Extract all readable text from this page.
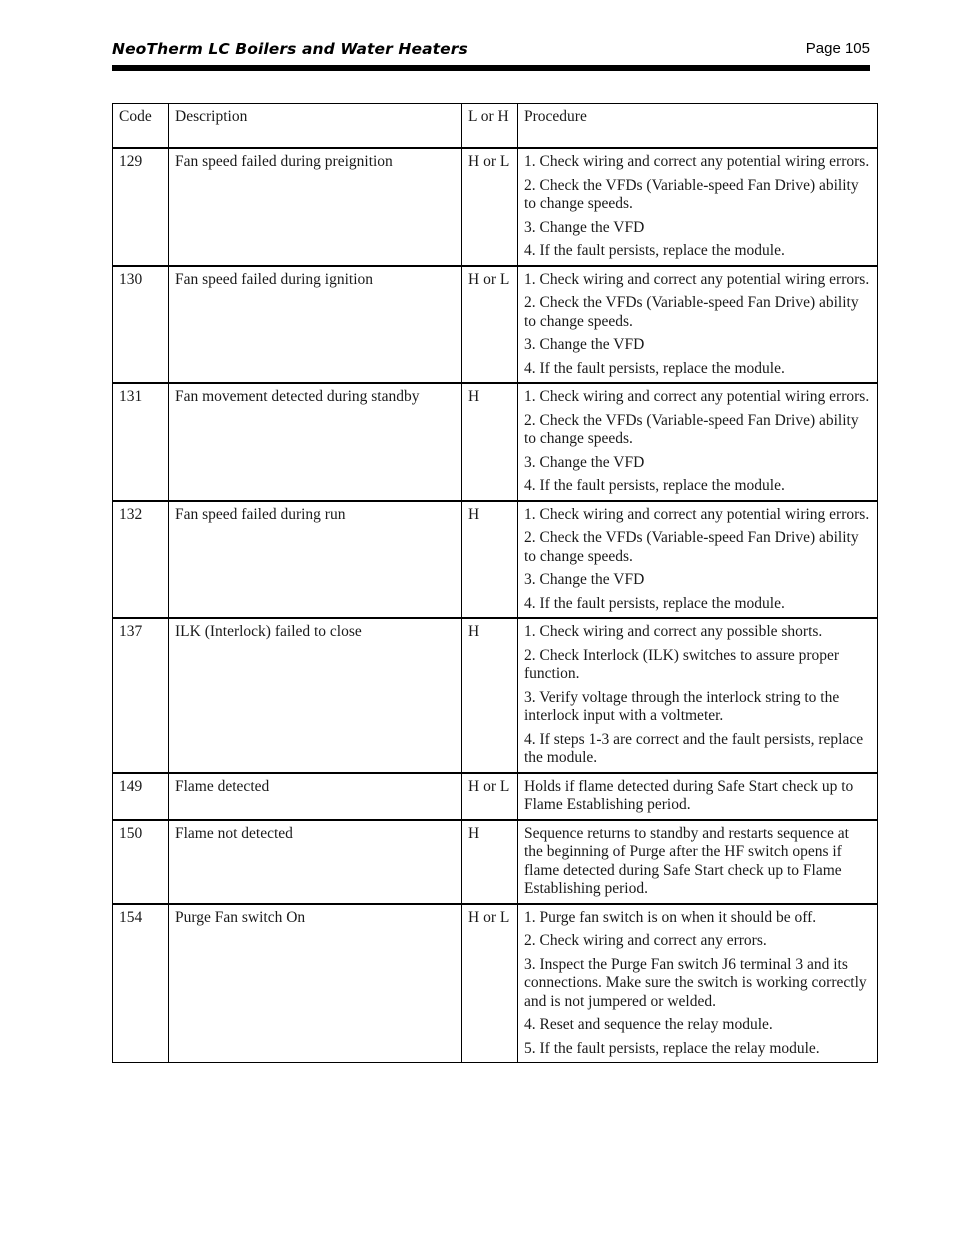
NeoTherm LC Boilers and Water Heaters	Page 105
Code	Description	L or H	Procedure
129	Fan speed failed during preignition	H or L	1. Check wiring and correct any potential wiring errors.
2. Check the VFDs (Variable-speed Fan Drive) ability to change speeds.
3. Change the VFD
4. If the fault persists, replace the module.

130	Fan speed failed during ignition	H or L	1. Check wiring and correct any potential wiring errors.
2. Check the VFDs (Variable-speed Fan Drive) ability to change speeds.
3. Change the VFD
4. If the fault persists, replace the module.

131	Fan movement detected during standby	H	1. Check wiring and correct any potential wiring errors.
2. Check the VFDs (Variable-speed Fan Drive) ability to change speeds.
3. Change the VFD
4. If the fault persists, replace the module.

132	Fan speed failed during run	H	1. Check wiring and correct any potential wiring errors.
2. Check the VFDs (Variable-speed Fan Drive) ability to change speeds.
3. Change the VFD
4. If the fault persists, replace the module.

137	ILK (Interlock) failed to close	H	1. Check wiring and correct any possible shorts.
2. Check Interlock (ILK) switches to assure proper function.
3. Verify voltage through the interlock string to the interlock input with a voltmeter.
4. If steps 1-3 are correct and the fault persists, replace the module.

149	Flame detected	H or L	Holds if flame detected during Safe Start check up to Flame Establishing period.

150	Flame not detected	H	Sequence returns to standby and restarts sequence at the beginning of Purge after the HF switch opens if flame detected during Safe Start check up to Flame Establishing period.

154	Purge Fan switch On	H or L	1. Purge fan switch is on when it should be off.
2. Check wiring and correct any errors.
3. Inspect the Purge Fan switch J6 terminal 3 and its connections. Make sure the switch is working correctly and is not jumpered or welded.
4. Reset and sequence the relay module.
5. If the fault persists, replace the relay module.
